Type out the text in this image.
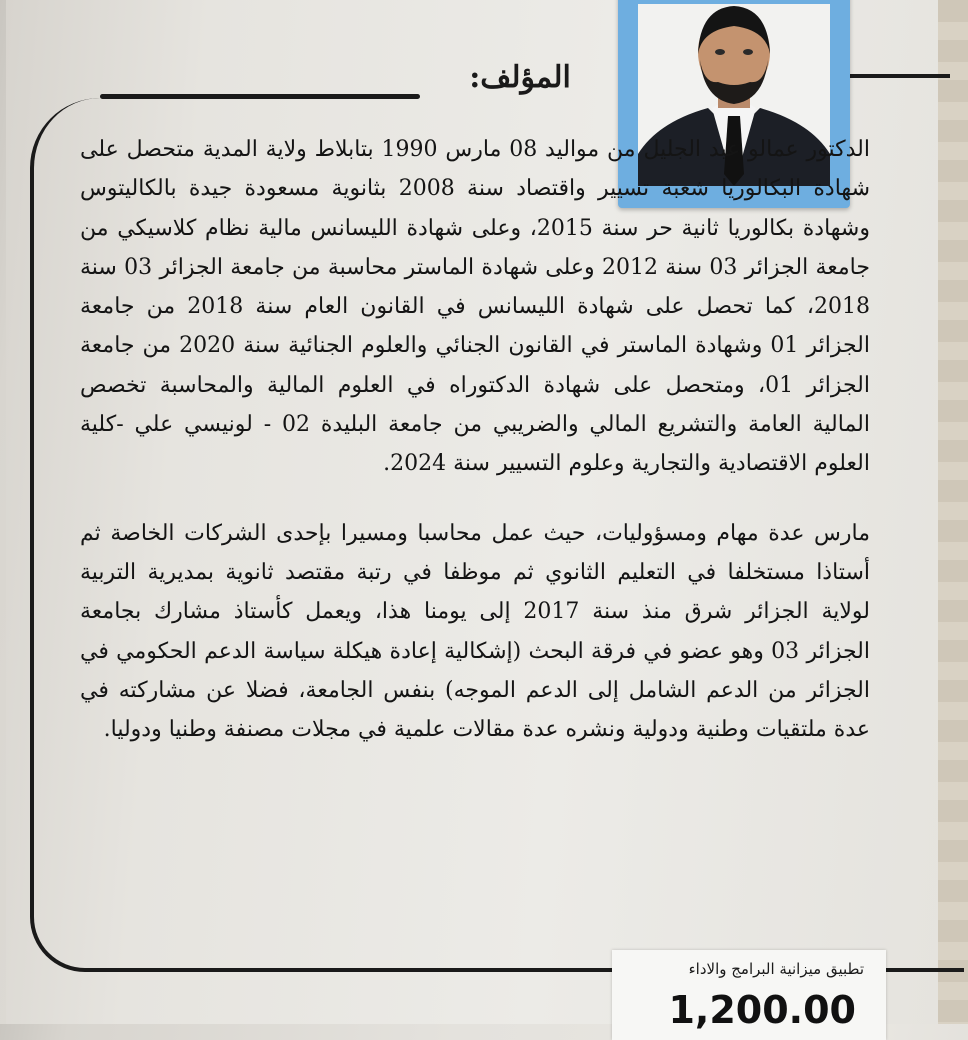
المؤلف:

الدكتور عمالو عبد الجليل من مواليد 08 مارس 1990 بتابلاط ولاية المدية متحصل على شهادة البكالوريا شعبة تسيير واقتصاد سنة 2008 بثانوية مسعودة جيدة بالكاليتوس وشهادة بكالوريا ثانية حر سنة 2015، وعلى شهادة الليسانس مالية نظام كلاسيكي من جامعة الجزائر 03 سنة 2012 وعلى شهادة الماستر محاسبة من جامعة الجزائر 03 سنة 2018، كما تحصل على شهادة الليسانس في القانون العام سنة 2018 من جامعة الجزائر 01 وشهادة الماستر في القانون الجنائي والعلوم الجنائية سنة 2020 من جامعة الجزائر 01، ومتحصل على شهادة الدكتوراه في العلوم المالية والمحاسبة تخصص المالية العامة والتشريع المالي والضريبي من جامعة البليدة 02 - لونيسي علي -كلية العلوم الاقتصادية والتجارية وعلوم التسيير سنة 2024.

مارس عدة مهام ومسؤوليات، حيث عمل محاسبا ومسيرا بإحدى الشركات الخاصة ثم أستاذا مستخلفا في التعليم الثانوي ثم موظفا في رتبة مقتصد ثانوية بمديرية التربية لولاية الجزائر شرق منذ سنة 2017 إلى يومنا هذا، ويعمل كأستاذ مشارك بجامعة الجزائر 03 وهو عضو في فرقة البحث (إشكالية إعادة هيكلة سياسة الدعم الحكومي في الجزائر من الدعم الشامل إلى الدعم الموجه) بنفس الجامعة، فضلا عن مشاركته في عدة ملتقيات وطنية ودولية ونشره عدة مقالات علمية في مجلات مصنفة وطنيا ودوليا.

تطبيق ميزانية البرامج والاداء
1,200.00
